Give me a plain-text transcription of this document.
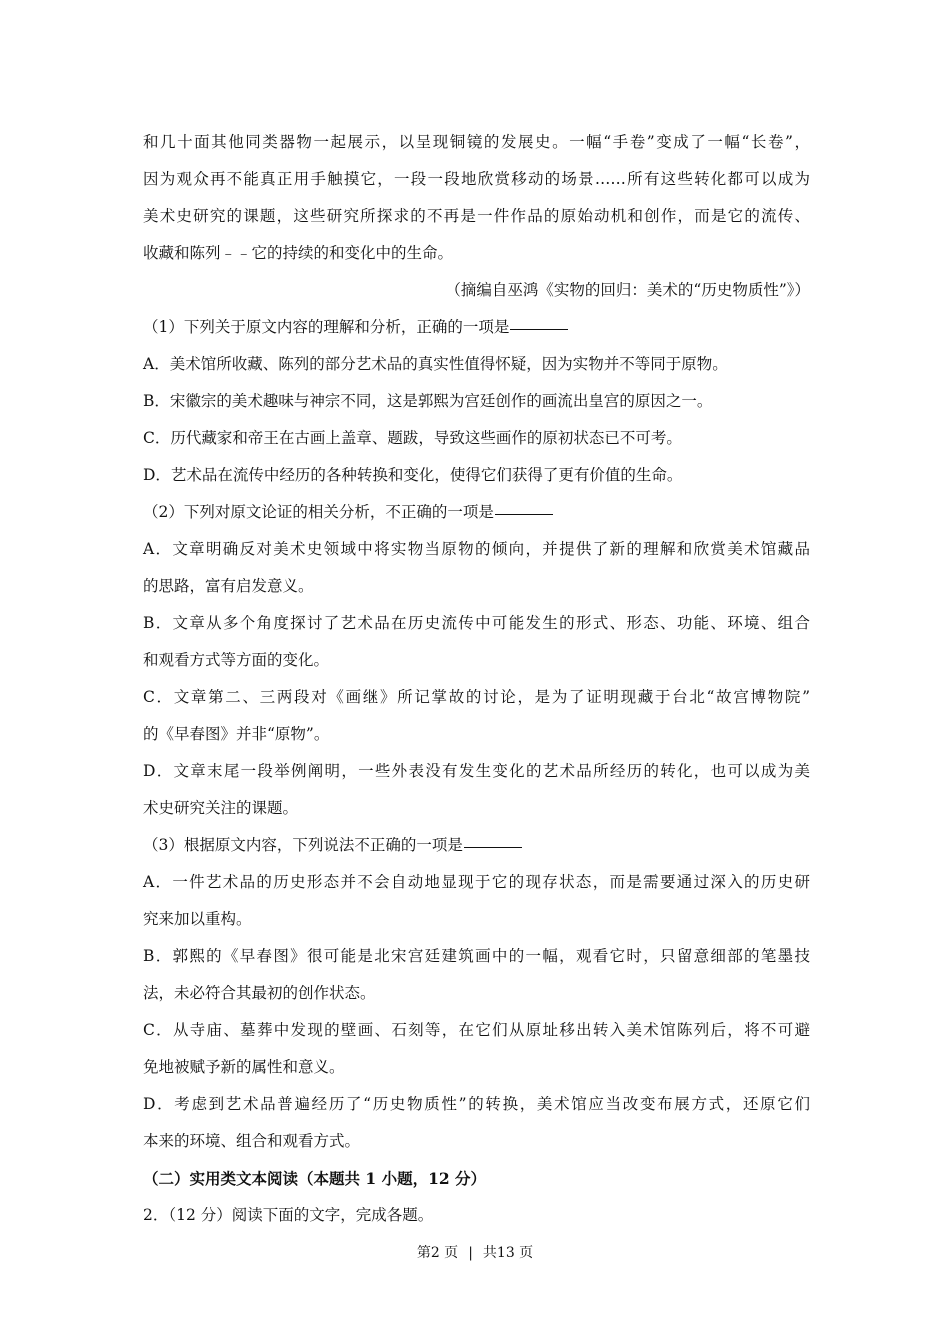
和几十面其他同类器物一起展示，以呈现铜镜的发展史。一幅“手卷”变成了一幅“长卷”，
因为观众再不能真正用手触摸它，一段一段地欣赏移动的场景……所有这些转化都可以成为
美术史研究的课题，这些研究所探求的不再是一件作品的原始动机和创作，而是它的流传、
收藏和陈列﹣﹣它的持续的和变化中的生命。
（摘编自巫鸿《实物的回归：美术的“历史物质性”》）
（1）下列关于原文内容的理解和分析，正确的一项是
A．美术馆所收藏、陈列的部分艺术品的真实性值得怀疑，因为实物并不等同于原物。
B．宋徽宗的美术趣味与神宗不同，这是郭熙为宫廷创作的画流出皇宫的原因之一。
C．历代藏家和帝王在古画上盖章、题跋，导致这些画作的原初状态已不可考。
D．艺术品在流传中经历的各种转换和变化，使得它们获得了更有价值的生命。
（2）下列对原文论证的相关分析，不正确的一项是
A．文章明确反对美术史领域中将实物当原物的倾向，并提供了新的理解和欣赏美术馆藏品
的思路，富有启发意义。
B．文章从多个角度探讨了艺术品在历史流传中可能发生的形式、形态、功能、环境、组合
和观看方式等方面的变化。
C．文章第二、三两段对《画继》所记掌故的讨论，是为了证明现藏于台北“故宫博物院”
的《早春图》并非“原物”。
D．文章末尾一段举例阐明，一些外表没有发生变化的艺术品所经历的转化，也可以成为美
术史研究关注的课题。
（3）根据原文内容，下列说法不正确的一项是
A．一件艺术品的历史形态并不会自动地显现于它的现存状态，而是需要通过深入的历史研
究来加以重构。
B．郭熙的《早春图》很可能是北宋宫廷建筑画中的一幅，观看它时，只留意细部的笔墨技
法，未必符合其最初的创作状态。
C．从寺庙、墓葬中发现的壁画、石刻等，在它们从原址移出转入美术馆陈列后，将不可避
免地被赋予新的属性和意义。
D．考虑到艺术品普遍经历了“历史物质性”的转换，美术馆应当改变布展方式，还原它们
本来的环境、组合和观看方式。
（二）实用类文本阅读（本题共 1 小题，12 分）
2．（12 分）阅读下面的文字，完成各题。
第2 页 | 共13 页
